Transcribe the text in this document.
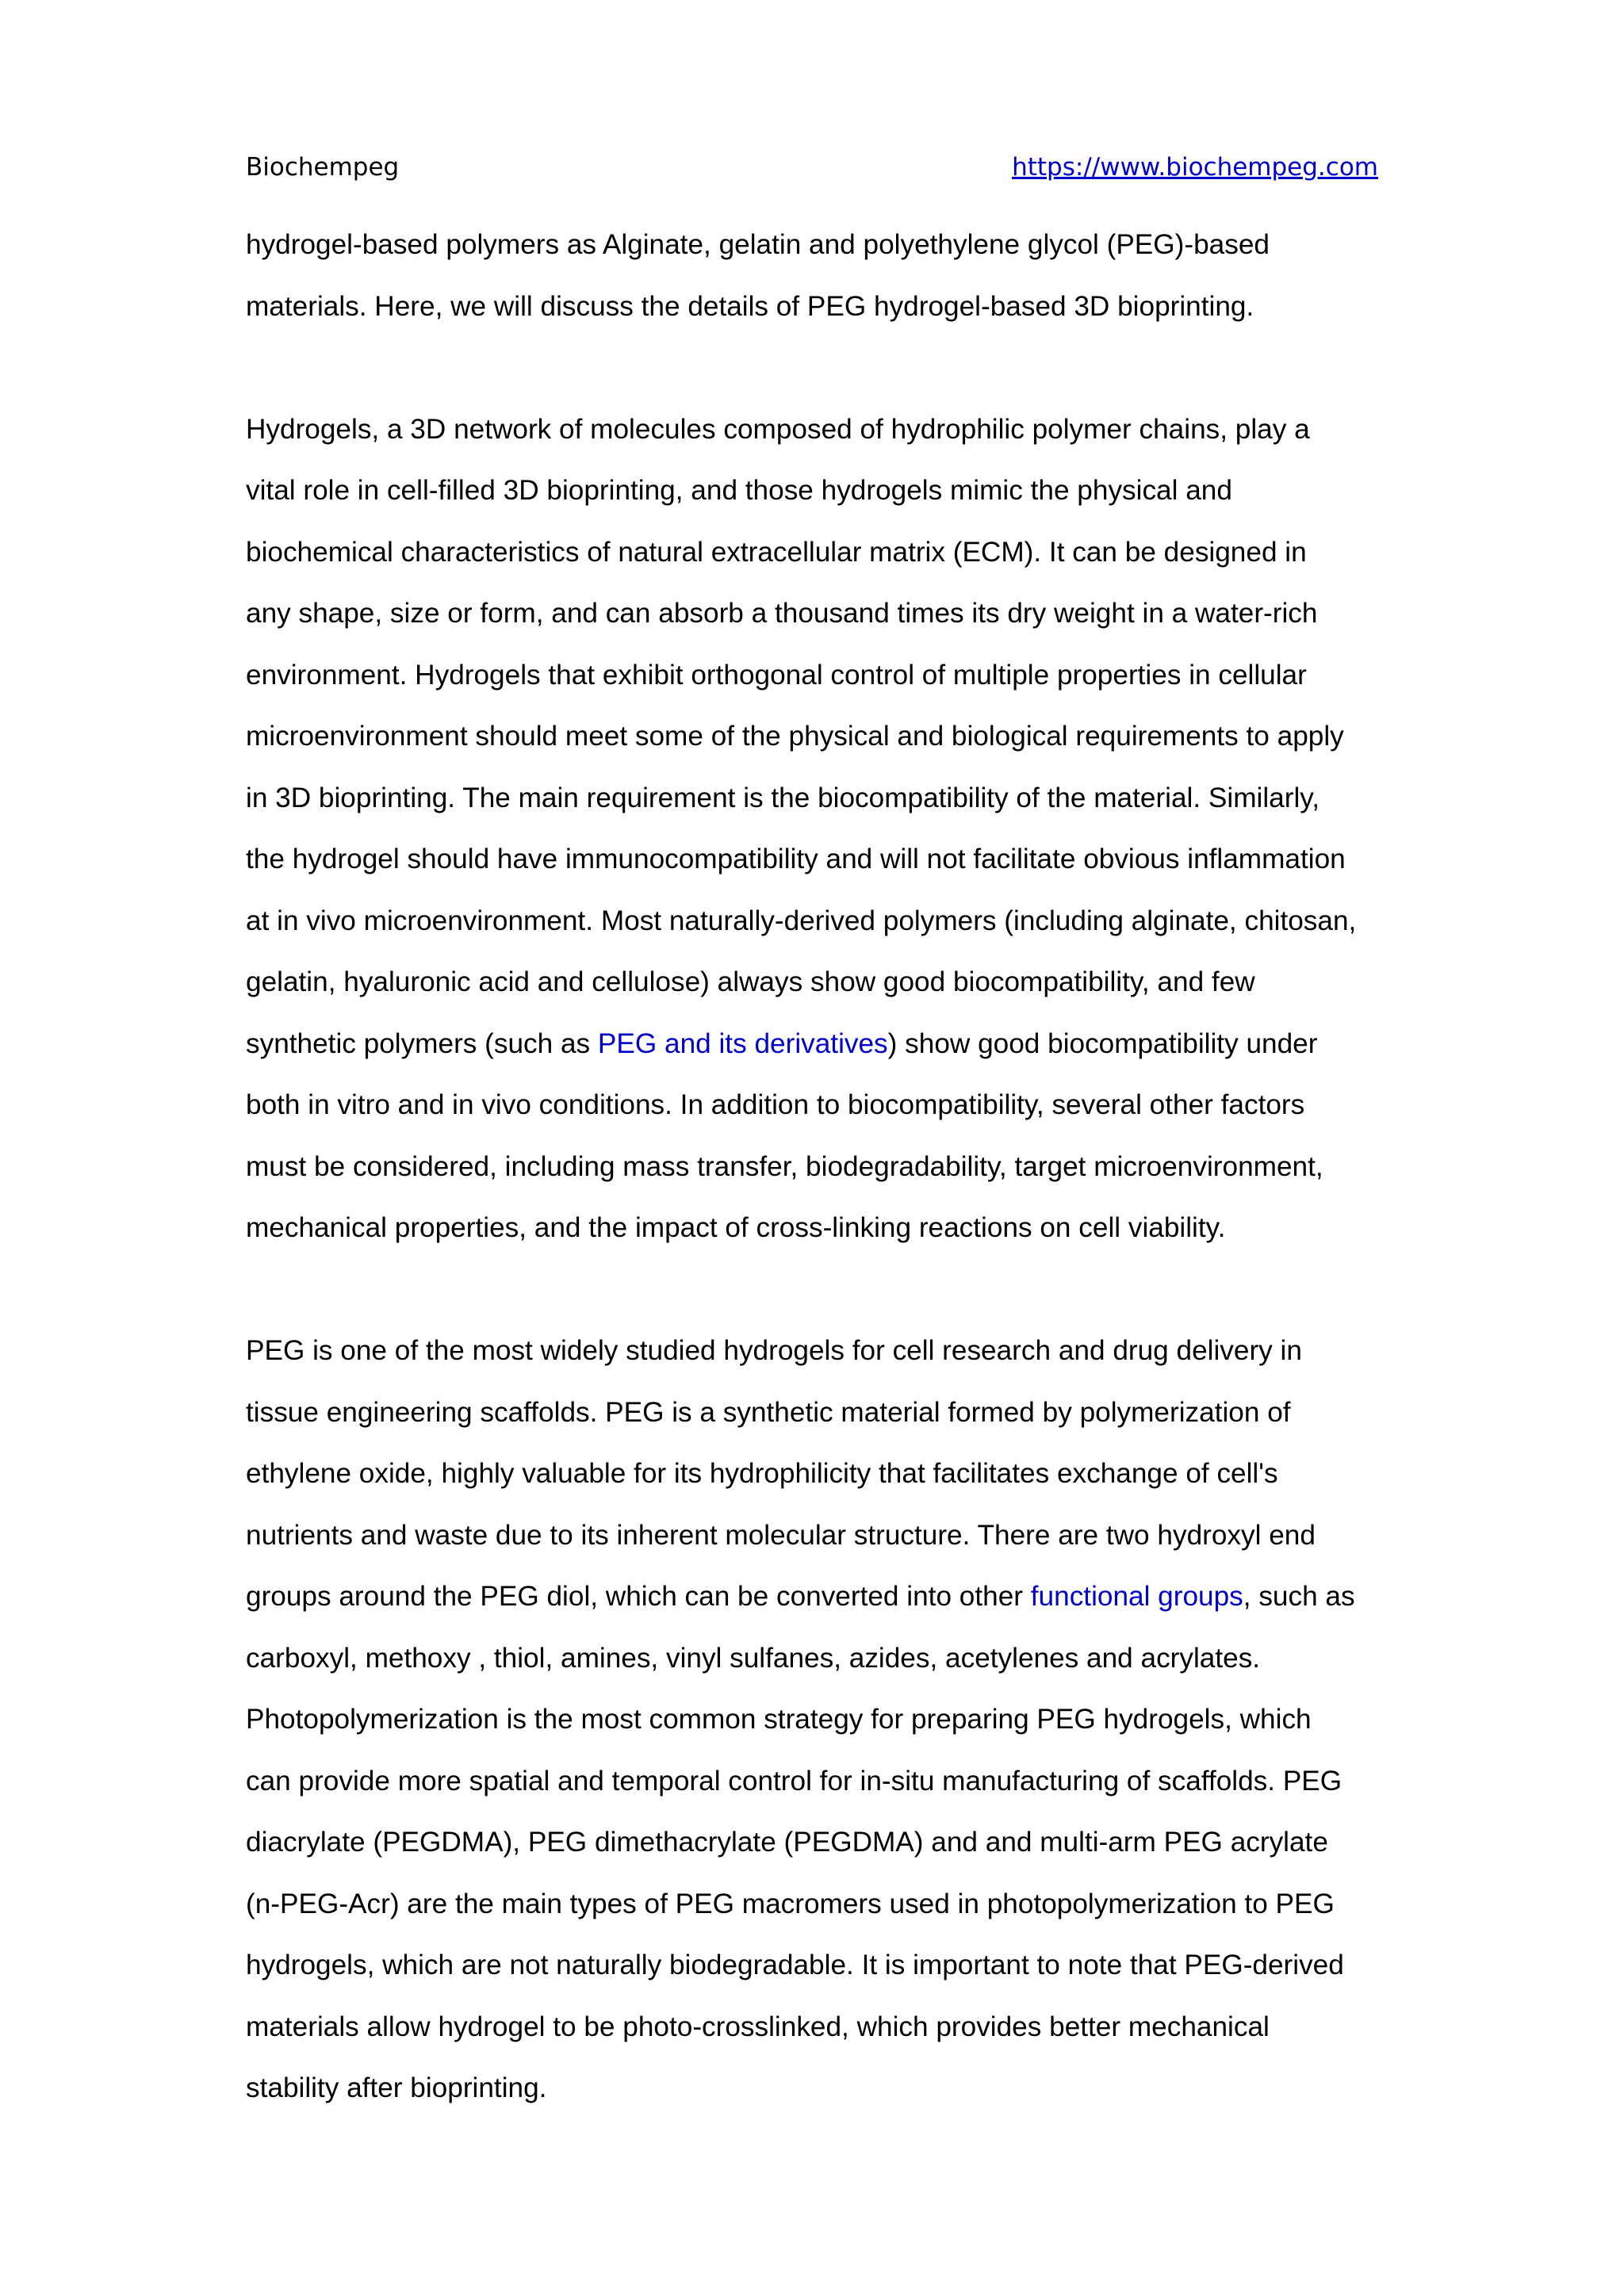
Biochempeg	https://www.biochempeg.com
hydrogel-based polymers as Alginate, gelatin and polyethylene glycol (PEG)-based
materials. Here, we will discuss the details of PEG hydrogel-based 3D bioprinting.
Hydrogels, a 3D network of molecules composed of hydrophilic polymer chains, play a
vital role in cell-filled 3D bioprinting, and those hydrogels mimic the physical and
biochemical characteristics of natural extracellular matrix (ECM). It can be designed in
any shape, size or form, and can absorb a thousand times its dry weight in a water-rich
environment. Hydrogels that exhibit orthogonal control of multiple properties in cellular
microenvironment should meet some of the physical and biological requirements to apply
in 3D bioprinting. The main requirement is the biocompatibility of the material. Similarly,
the hydrogel should have immunocompatibility and will not facilitate obvious inflammation
at in vivo microenvironment. Most naturally-derived polymers (including alginate, chitosan,
gelatin, hyaluronic acid and cellulose) always show good biocompatibility, and few
synthetic polymers (such as PEG and its derivatives) show good biocompatibility under
both in vitro and in vivo conditions. In addition to biocompatibility, several other factors
must be considered, including mass transfer, biodegradability, target microenvironment,
mechanical properties, and the impact of cross-linking reactions on cell viability.
PEG is one of the most widely studied hydrogels for cell research and drug delivery in
tissue engineering scaffolds. PEG is a synthetic material formed by polymerization of
ethylene oxide, highly valuable for its hydrophilicity that facilitates exchange of cell's
nutrients and waste due to its inherent molecular structure. There are two hydroxyl end
groups around the PEG diol, which can be converted into other functional groups, such as
carboxyl, methoxy , thiol, amines, vinyl sulfanes, azides, acetylenes and acrylates.
Photopolymerization is the most common strategy for preparing PEG hydrogels, which
can provide more spatial and temporal control for in-situ manufacturing of scaffolds. PEG
diacrylate (PEGDMA), PEG dimethacrylate (PEGDMA) and and multi-arm PEG acrylate
(n-PEG-Acr) are the main types of PEG macromers used in photopolymerization to PEG
hydrogels, which are not naturally biodegradable. It is important to note that PEG-derived
materials allow hydrogel to be photo-crosslinked, which provides better mechanical
stability after bioprinting.
